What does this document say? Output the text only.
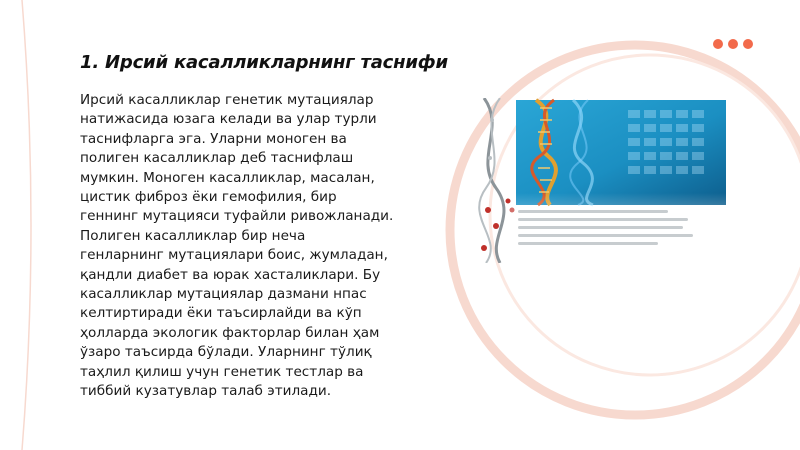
1. Ирсий касалликларнинг таснифи

Ирсий касалликлар генетик мутациялар
натижасида юзага келади ва улар турли
таснифларга эга. Уларни моноген ва
полиген касалликлар деб таснифлаш
мумкин. Моноген касалликлар, масалан,
цистик фиброз ёки гемофилия, бир
геннинг мутацияси туфайли ривожланади.
Полиген касалликлар бир неча
генларнинг мутациялари боис, жумладан,
қандли диабет ва юрак хасталиклари. Бу
касалликлар мутациялар дазмани нпас
келтиртиради ёки таъсирлайди ва кўп
ҳолларда экологик факторлар билан ҳам
ўзаро таъсирда бўлади. Уларнинг тўлиқ
таҳлил қилиш учун генетик тестлар ва
тиббий кузатувлар талаб этилади.
